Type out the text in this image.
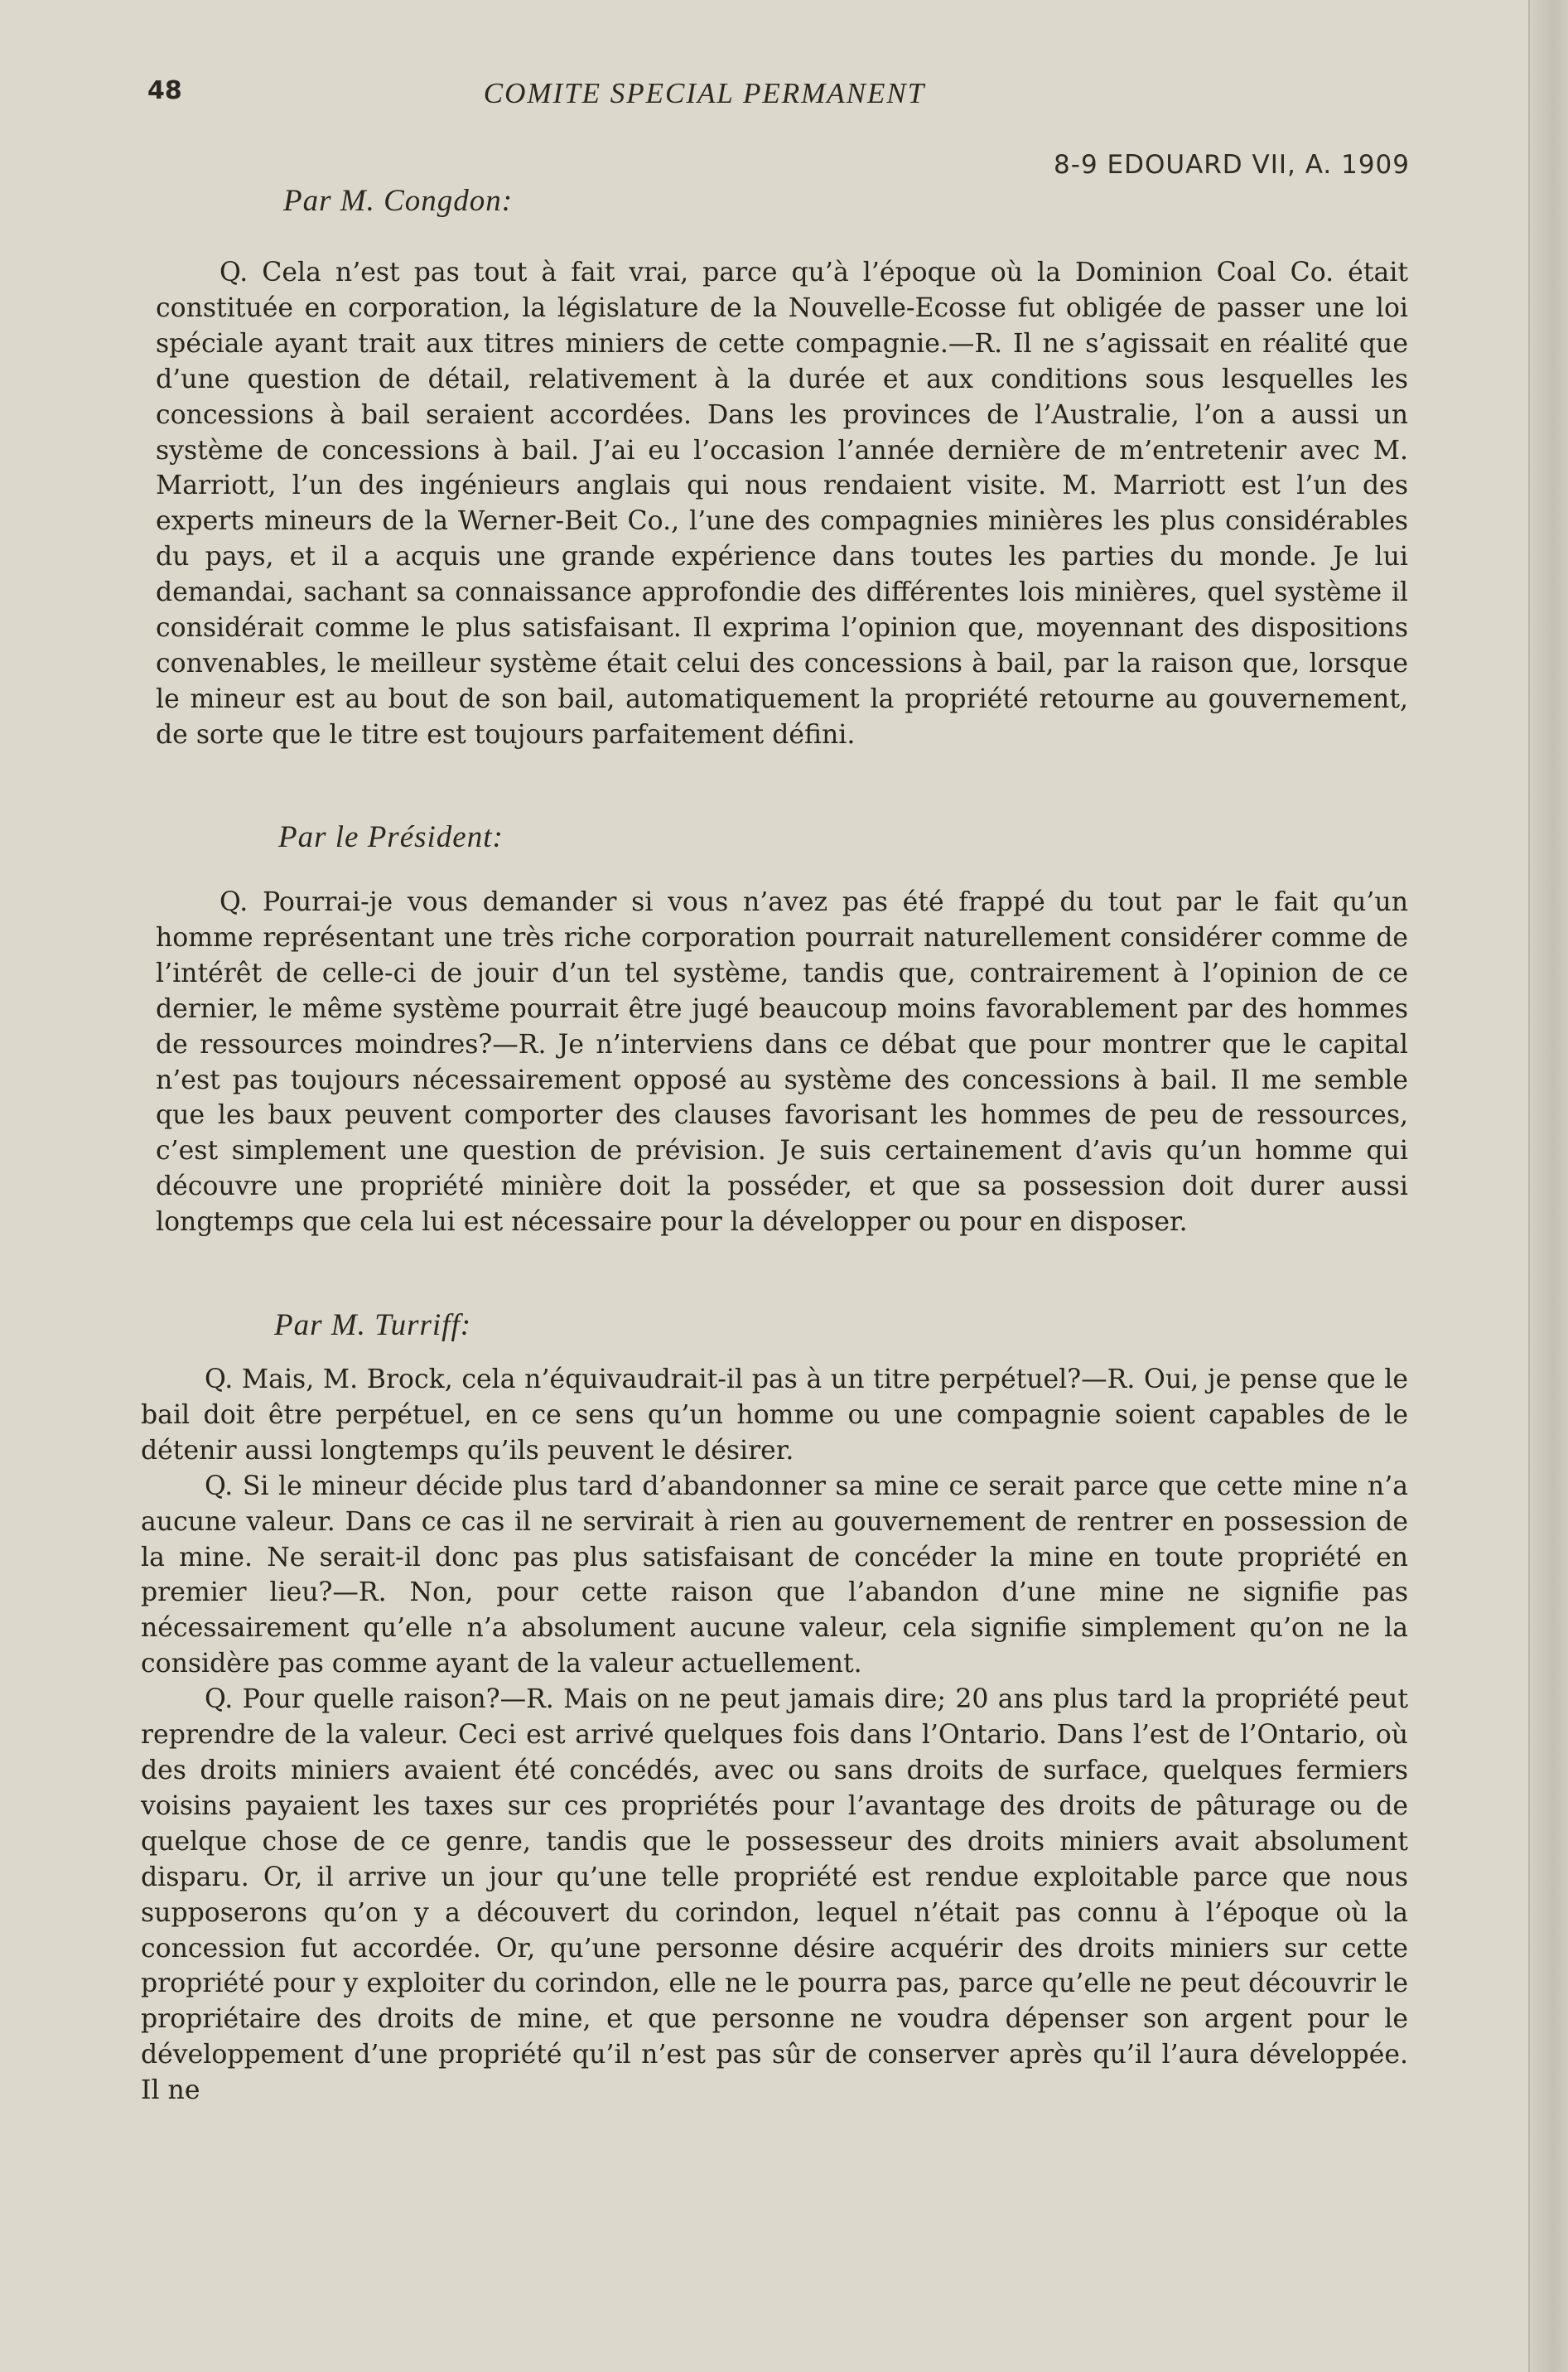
48	COMITE SPECIAL PERMANENT
8-9 EDOUARD VII, A. 1909
Par M. Congdon:

Q. Cela n’est pas tout à fait vrai, parce qu’à l’époque où la Dominion Coal Co. était constituée en corporation, la législature de la Nouvelle-Ecosse fut obligée de passer une loi spéciale ayant trait aux titres miniers de cette compagnie.—R. Il ne s’agissait en réalité que d’une question de détail, relativement à la durée et aux conditions sous lesquelles les concessions à bail seraient accordées. Dans les provinces de l’Australie, l’on a aussi un système de concessions à bail. J’ai eu l’occasion l’année dernière de m’entretenir avec M. Marriott, l’un des ingénieurs anglais qui nous rendaient visite. M. Marriott est l’un des experts mineurs de la Werner-Beit Co., l’une des compagnies minières les plus considérables du pays, et il a acquis une grande expérience dans toutes les parties du monde. Je lui demandai, sachant sa connaissance approfondie des différentes lois minières, quel système il considérait comme le plus satisfaisant. Il exprima l’opinion que, moyennant des dispositions convenables, le meilleur système était celui des concessions à bail, par la raison que, lorsque le mineur est au bout de son bail, automatiquement la propriété retourne au gouvernement, de sorte que le titre est toujours parfaitement défini.

Par le Président:

Q. Pourrai-je vous demander si vous n’avez pas été frappé du tout par le fait qu’un homme représentant une très riche corporation pourrait naturellement considérer comme de l’intérêt de celle-ci de jouir d’un tel système, tandis que, contrairement à l’opinion de ce dernier, le même système pourrait être jugé beaucoup moins favorablement par des hommes de ressources moindres?—R. Je n’interviens dans ce débat que pour montrer que le capital n’est pas toujours nécessairement opposé au système des concessions à bail. Il me semble que les baux peuvent comporter des clauses favorisant les hommes de peu de ressources, c’est simplement une question de prévision. Je suis certainement d’avis qu’un homme qui découvre une propriété minière doit la posséder, et que sa possession doit durer aussi longtemps que cela lui est nécessaire pour la développer ou pour en disposer.

Par M. Turriff:

Q. Mais, M. Brock, cela n’équivaudrait-il pas à un titre perpétuel?—R. Oui, je pense que le bail doit être perpétuel, en ce sens qu’un homme ou une compagnie soient capables de le détenir aussi longtemps qu’ils peuvent le désirer.

Q. Si le mineur décide plus tard d’abandonner sa mine ce serait parce que cette mine n’a aucune valeur. Dans ce cas il ne servirait à rien au gouvernement de rentrer en possession de la mine. Ne serait-il donc pas plus satisfaisant de concéder la mine en toute propriété en premier lieu?—R. Non, pour cette raison que l’abandon d’une mine ne signifie pas nécessairement qu’elle n’a absolument aucune valeur, cela signifie simplement qu’on ne la considère pas comme ayant de la valeur actuellement.

Q. Pour quelle raison?—R. Mais on ne peut jamais dire; 20 ans plus tard la propriété peut reprendre de la valeur. Ceci est arrivé quelques fois dans l’Ontario. Dans l’est de l’Ontario, où des droits miniers avaient été concédés, avec ou sans droits de surface, quelques fermiers voisins payaient les taxes sur ces propriétés pour l’avantage des droits de pâturage ou de quelque chose de ce genre, tandis que le possesseur des droits miniers avait absolument disparu. Or, il arrive un jour qu’une telle propriété est rendue exploitable parce que nous supposerons qu’on y a découvert du corindon, lequel n’était pas connu à l’époque où la concession fut accordée. Or, qu’une personne désire acquérir des droits miniers sur cette propriété pour y exploiter du corindon, elle ne le pourra pas, parce qu’elle ne peut découvrir le propriétaire des droits de mine, et que personne ne voudra dépenser son argent pour le développement d’une propriété qu’il n’est pas sûr de conserver après qu’il l’aura développée. Il ne
